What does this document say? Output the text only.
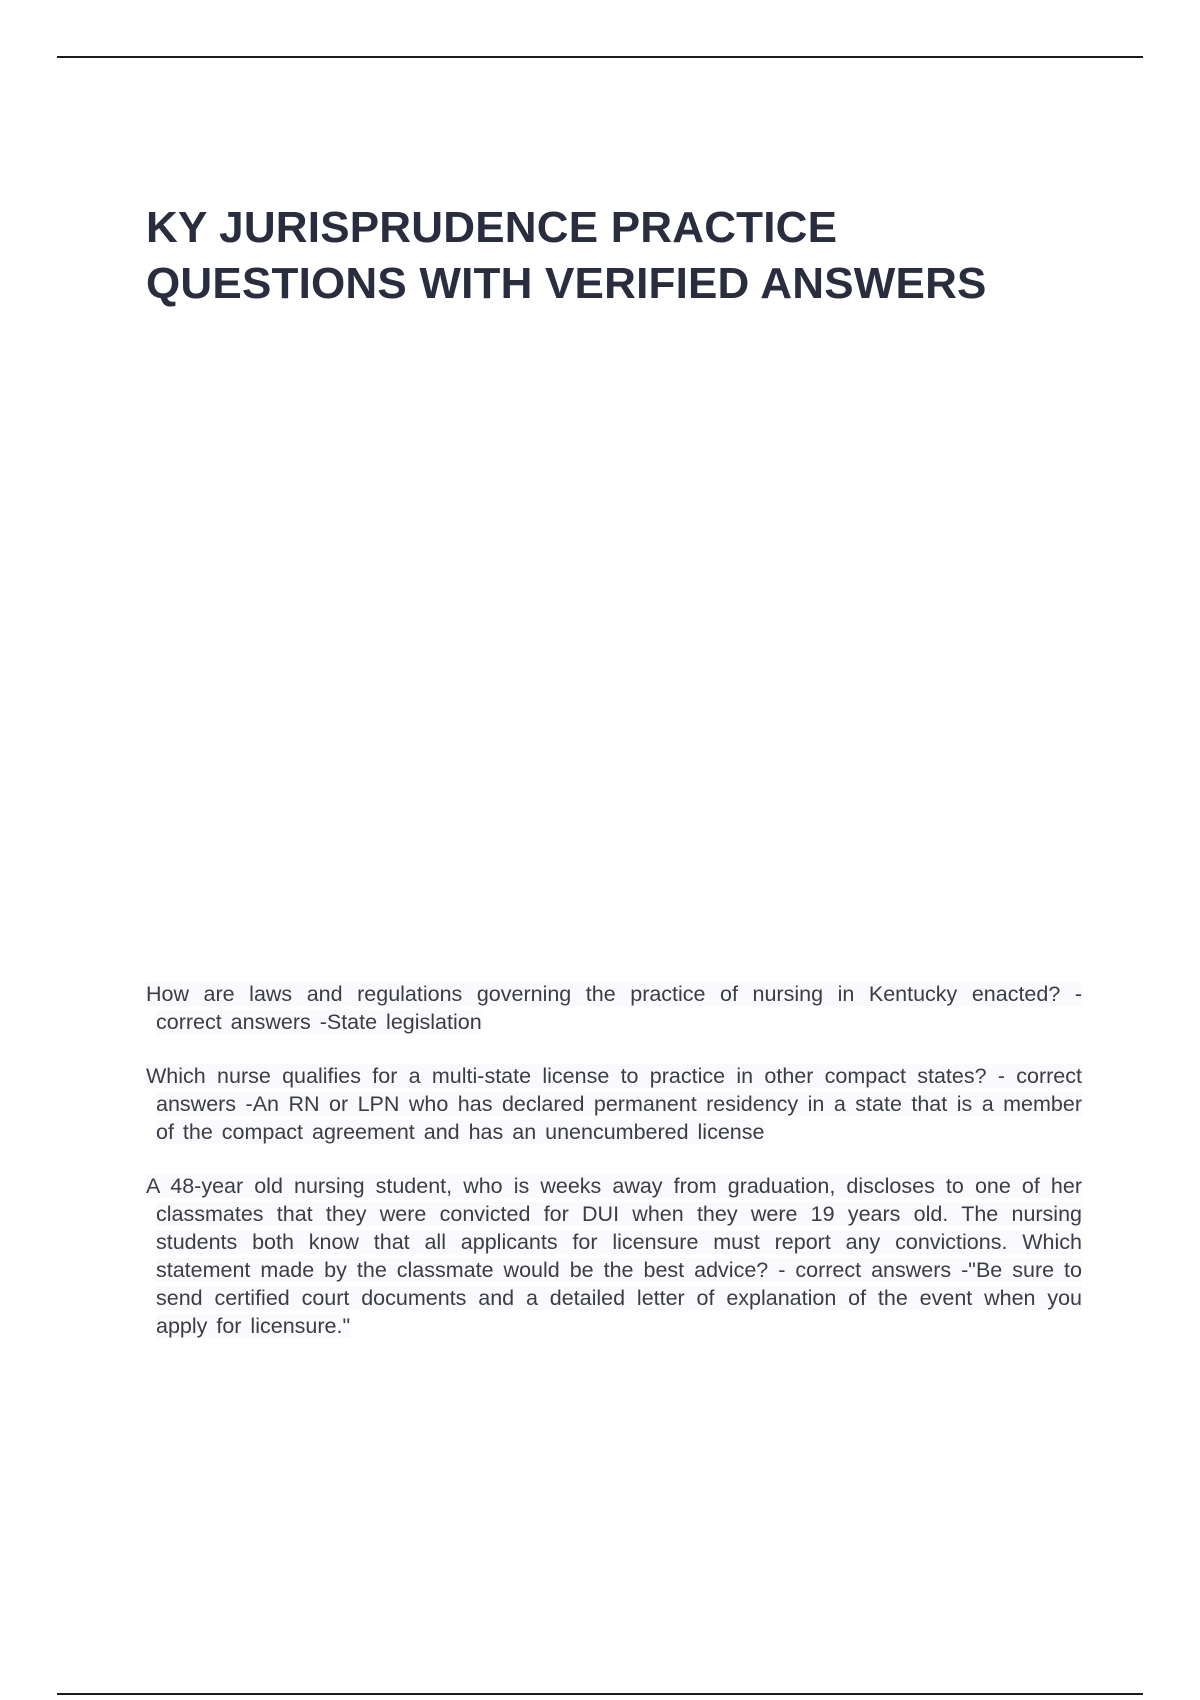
KY JURISPRUDENCE PRACTICE QUESTIONS WITH VERIFIED ANSWERS

How are laws and regulations governing the practice of nursing in Kentucky enacted? - correct answers -State legislation

Which nurse qualifies for a multi-state license to practice in other compact states? - correct answers -An RN or LPN who has declared permanent residency in a state that is a member of the compact agreement and has an unencumbered license

A 48-year old nursing student, who is weeks away from graduation, discloses to one of her classmates that they were convicted for DUI when they were 19 years old. The nursing students both know that all applicants for licensure must report any convictions. Which statement made by the classmate would be the best advice? - correct answers -"Be sure to send certified court documents and a detailed letter of explanation of the event when you apply for licensure."
